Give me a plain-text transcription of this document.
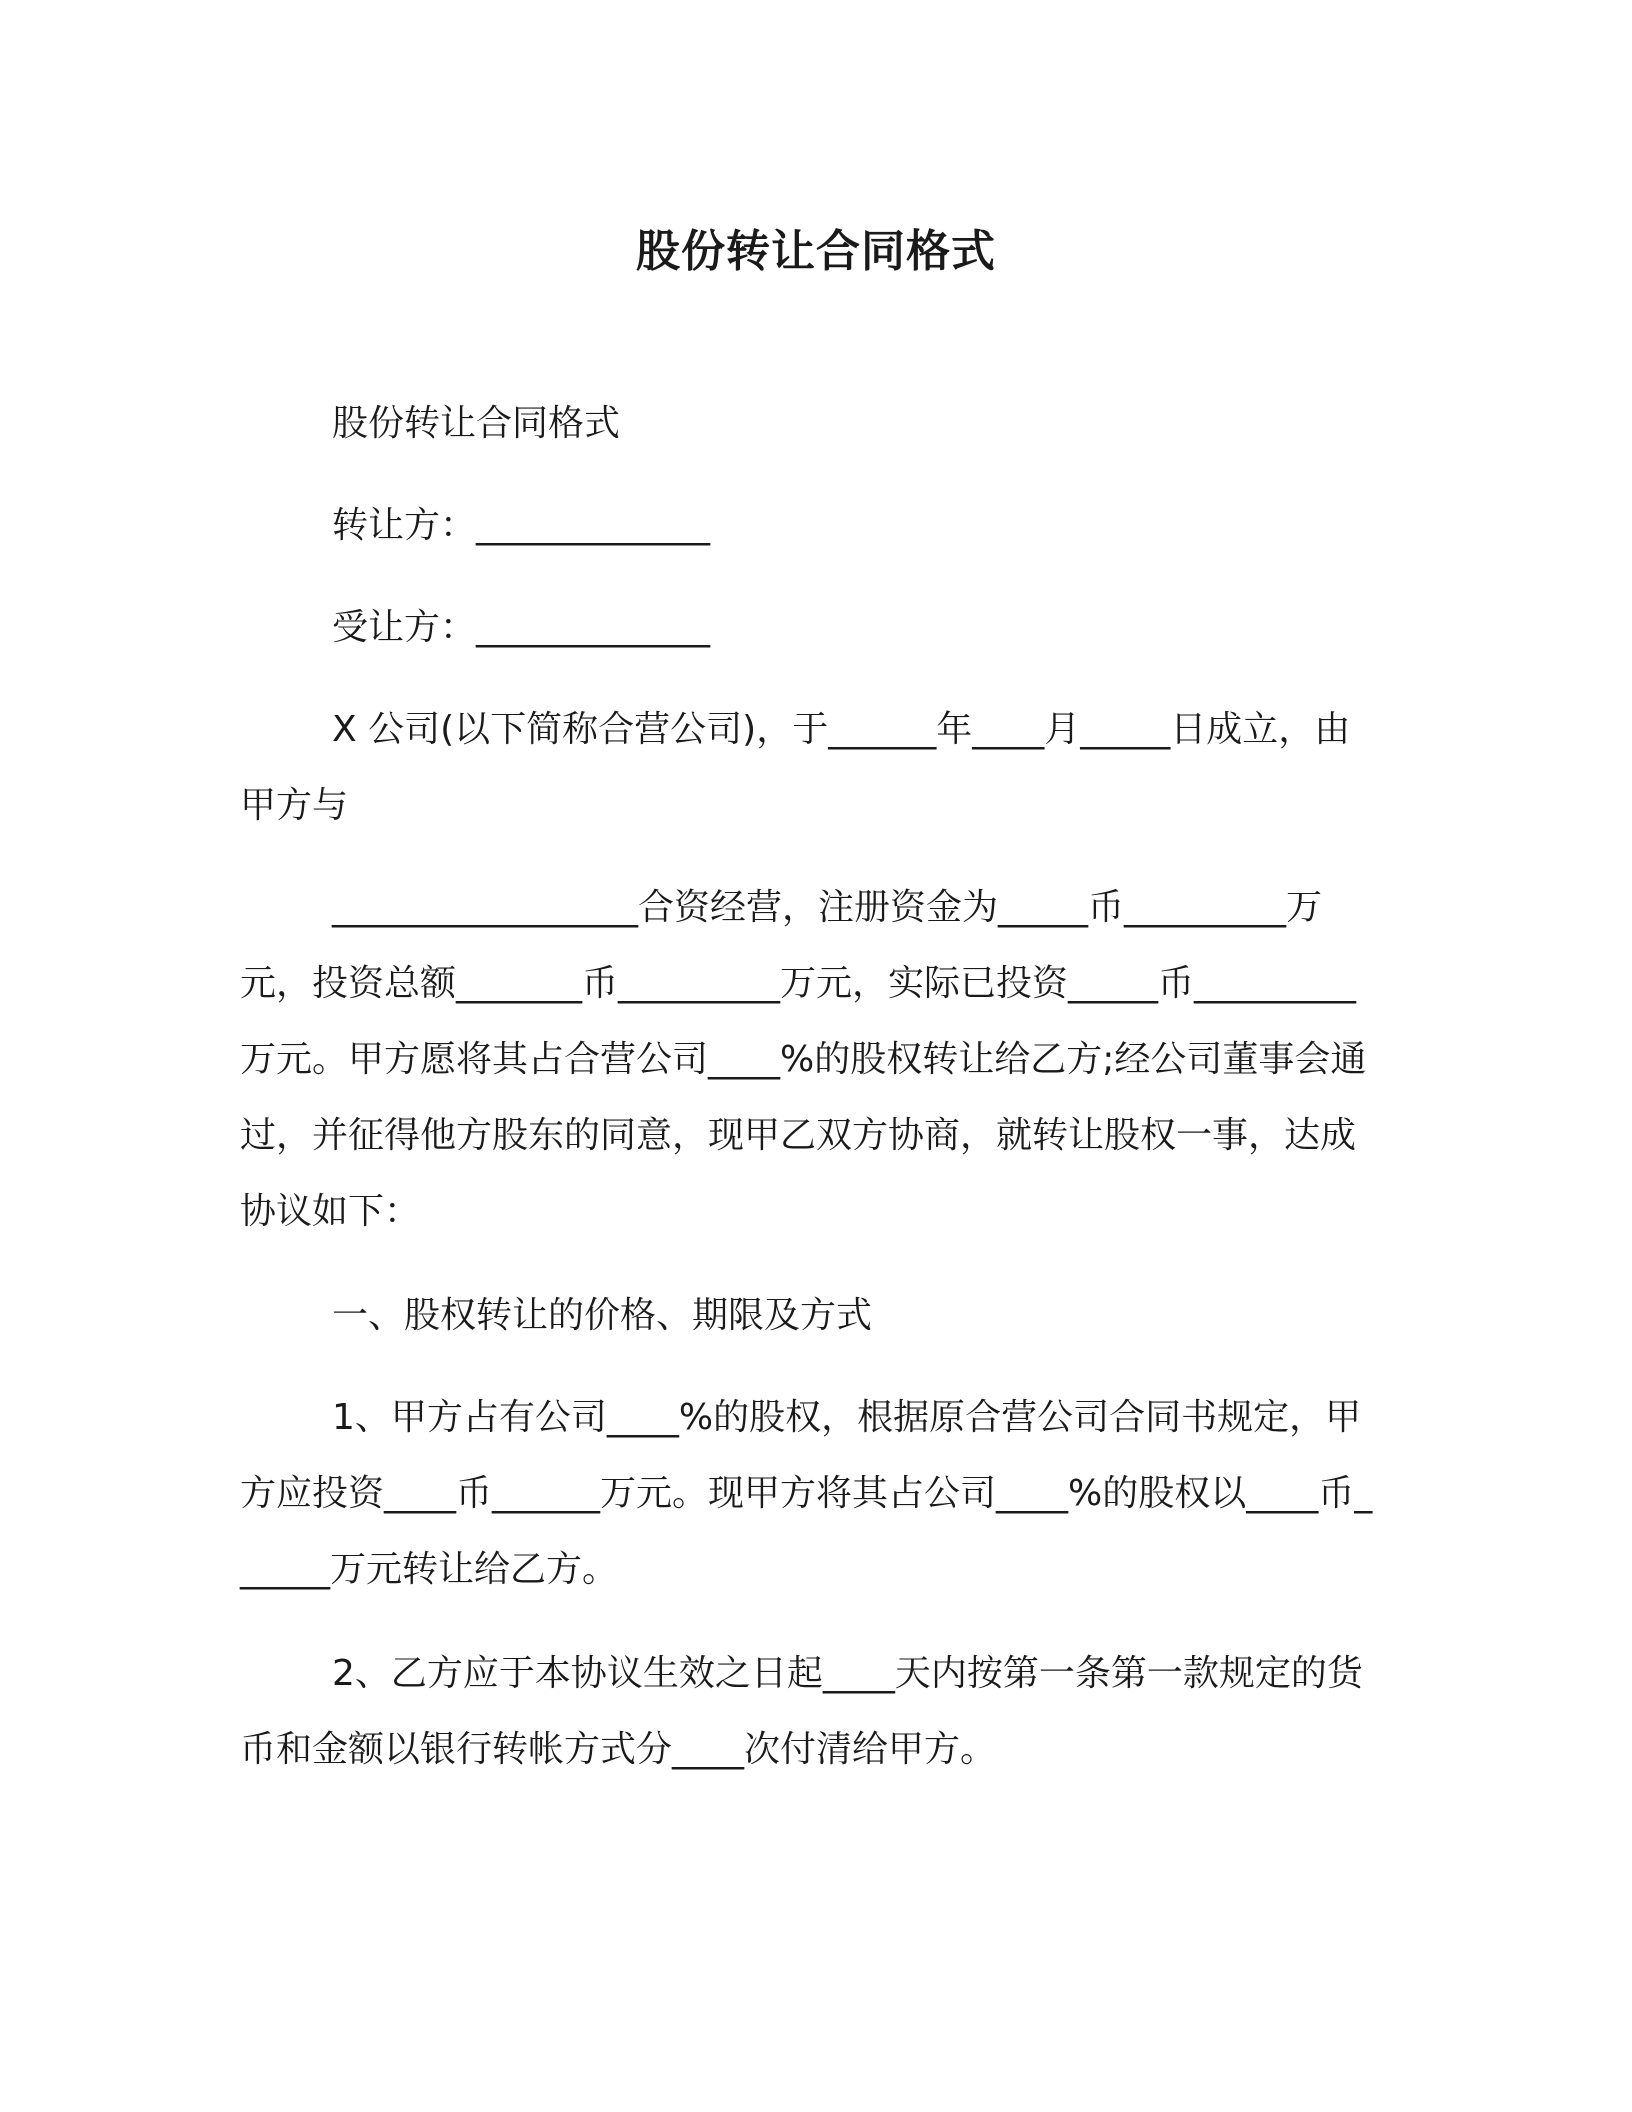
股份转让合同格式

股份转让合同格式

转让方：_____________

受让方：_____________

X 公司(以下简称合营公司)，于______年____月_____日成立，由甲方与

_________________合资经营，注册资金为_____币_________万元，投资总额_______币_________万元，实际已投资_____币_________万元。甲方愿将其占合营公司____%的股权转让给乙方;经公司董事会通过，并征得他方股东的同意，现甲乙双方协商，就转让股权一事，达成协议如下：

一、股权转让的价格、期限及方式

1、甲方占有公司____%的股权，根据原合营公司合同书规定，甲方应投资____币______万元。现甲方将其占公司____%的股权以____币______万元转让给乙方。

2、乙方应于本协议生效之日起____天内按第一条第一款规定的货币和金额以银行转帐方式分____次付清给甲方。
